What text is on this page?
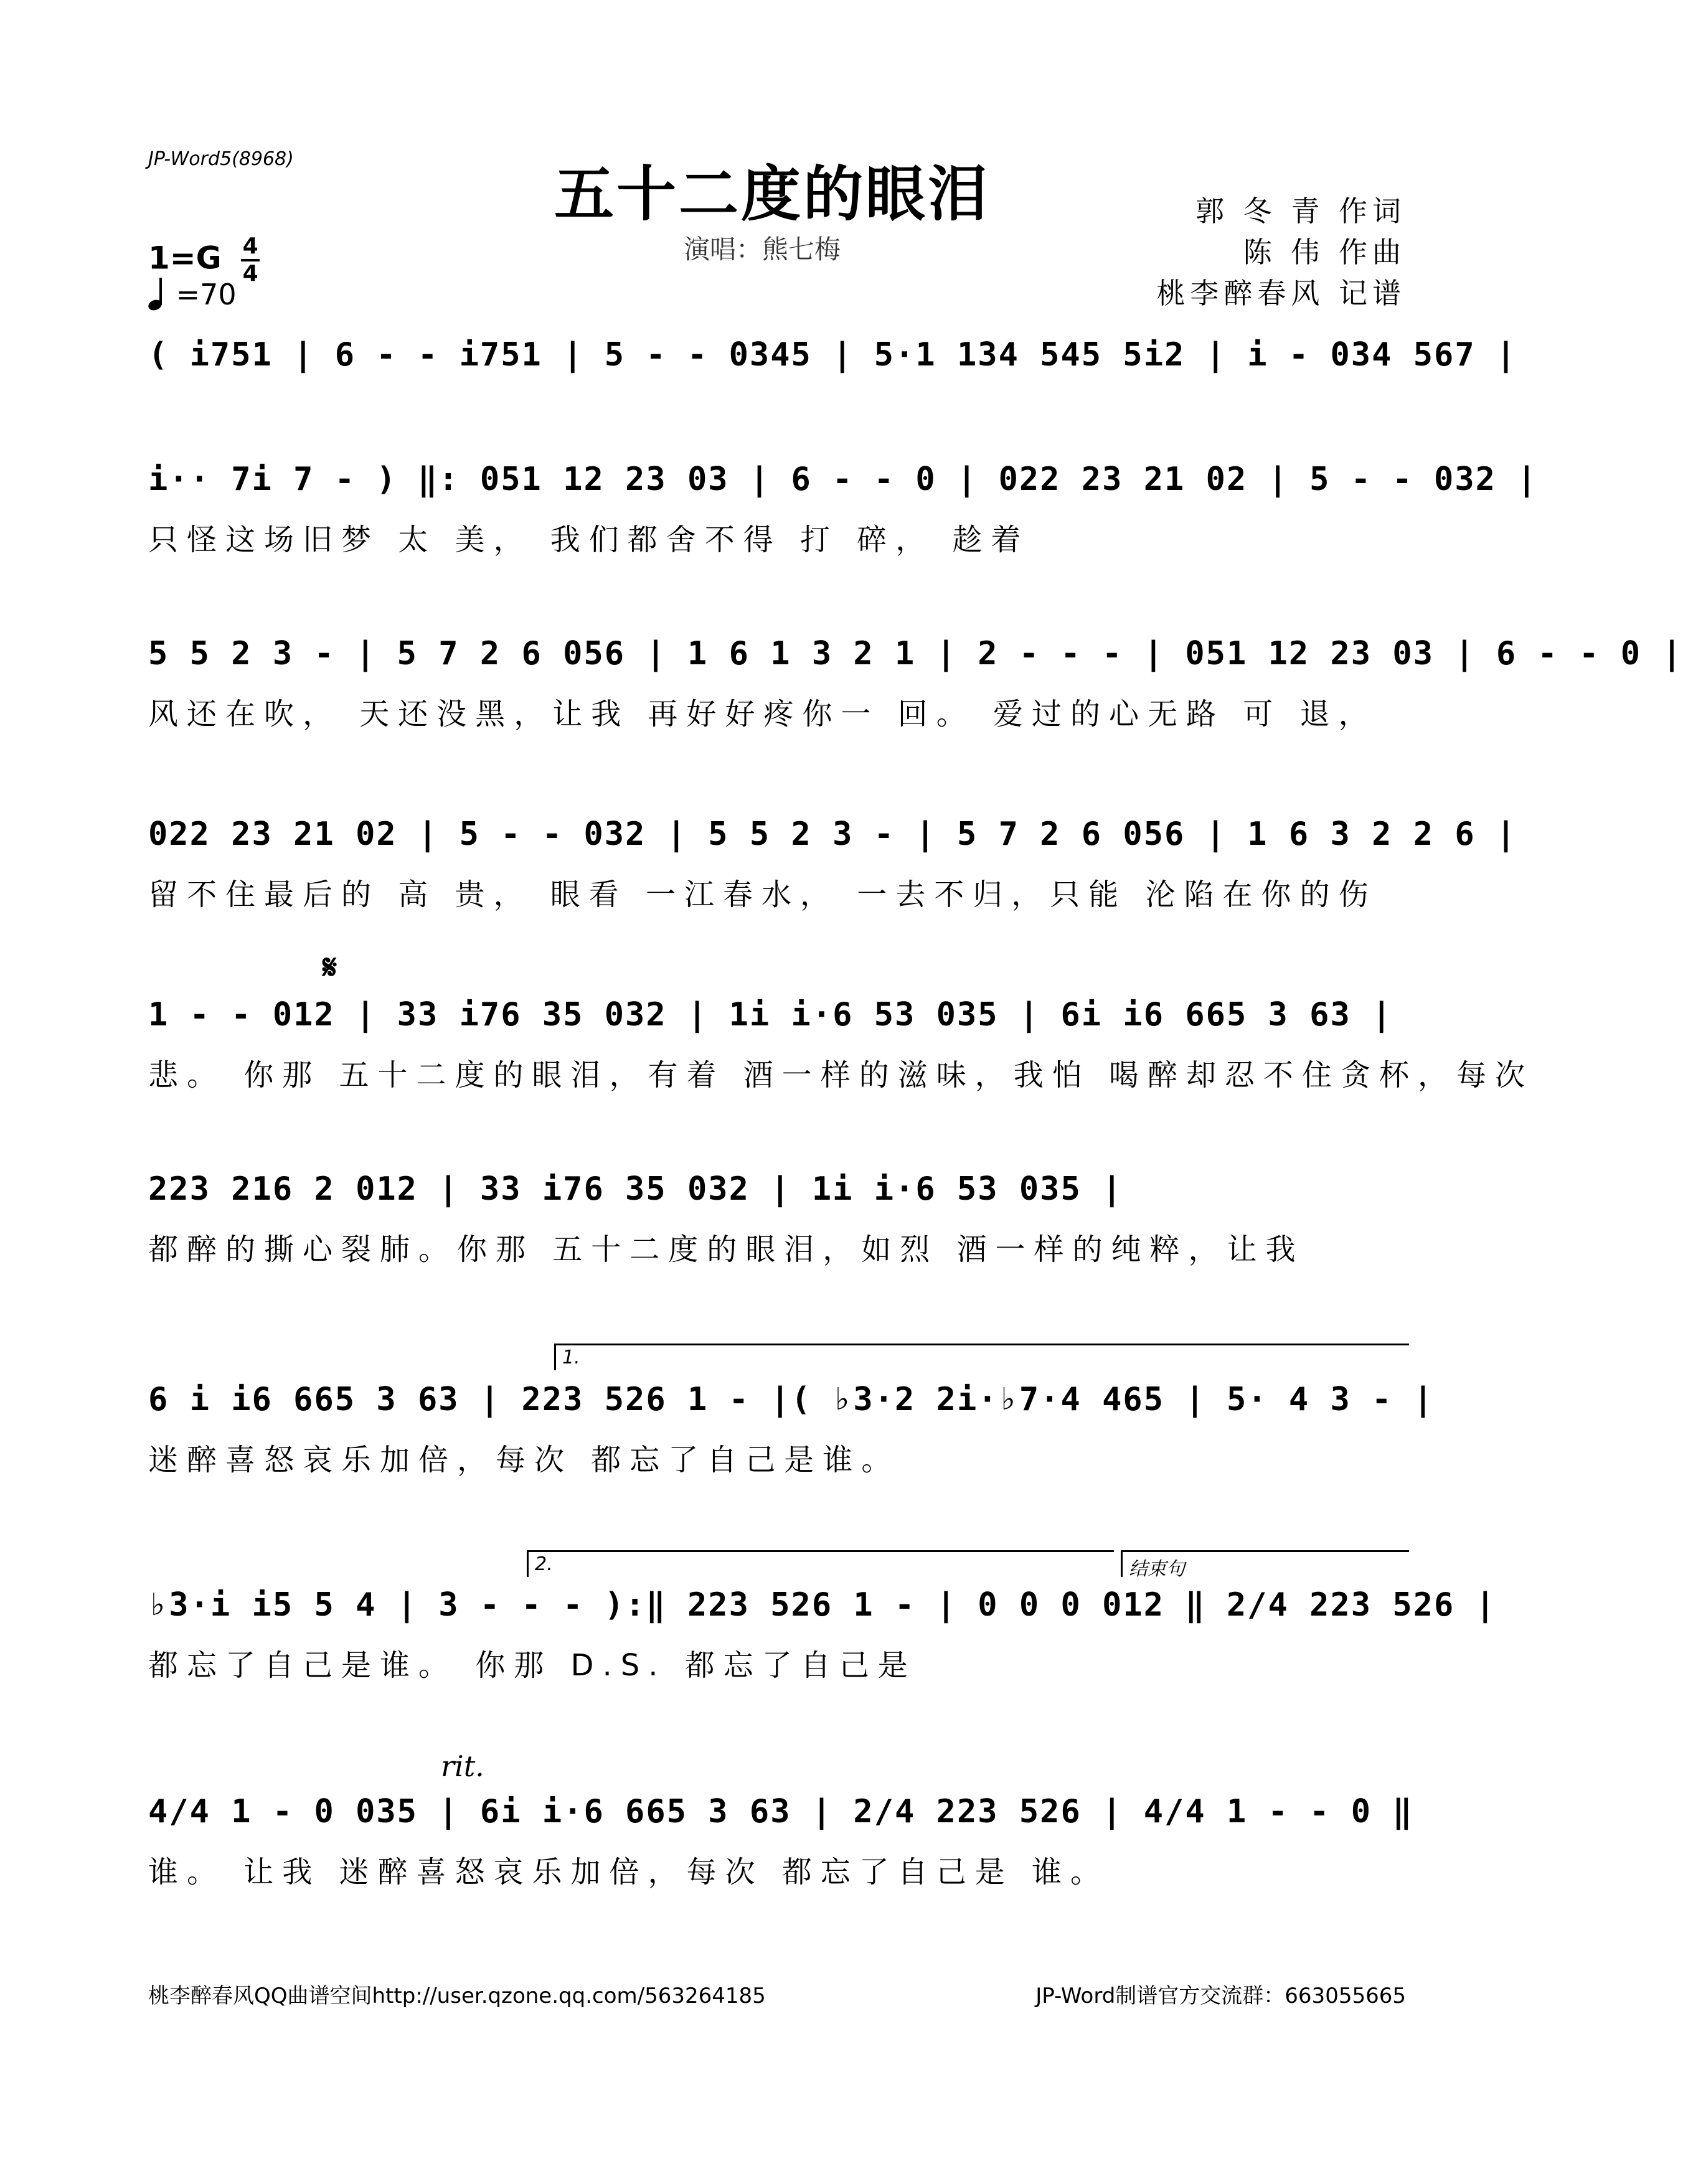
JP-Word5(8968)
五十二度的眼泪
演唱：熊七梅
郭 冬 青 作词
陈 伟 作曲
桃李醉春风 记谱
$1=G \frac{4}{4}$
=70
( i751 | 6 - - i751 | 5 - - 0345 | 5·1 134 545 5i2 | i - 034 567 |
i·· 7i 7 - ) ‖: 051 12 23 03 | 6 - - 0 | 022 23 21 02 | 5 - - 032 |
只怪这场旧梦 太 美， 我们都舍不得 打 碎， 趁着
5 5 2 3 - | 5 7 2 6 056 | 1 6 1 3 2 1 | 2 - - - | 051 12 23 03 | 6 - - 0 |
风还在吹， 天还没黑，让我 再好好疼你一 回。 爱过的心无路 可 退，
022 23 21 02 | 5 - - 032 | 5 5 2 3 - | 5 7 2 6 056 | 1 6 3 2 2 6 |
留不住最后的 高 贵， 眼看 一江春水， 一去不归，只能 沦陷在你的伤
𝄋
1 - - 012 | 33 i76 35 032 | 1i i·6 53 035 | 6i i6 665 3 63 |
悲。 你那 五十二度的眼泪，有着 酒一样的滋味，我怕 喝醉却忍不住贪杯，每次
223 216 2 012 | 33 i76 35 032 | 1i i·6 53 035 |
都醉的撕心裂肺。你那 五十二度的眼泪，如烈 酒一样的纯粹，让我
1.
6 i i6 665 3 63 | 223 526 1 - |( ♭3·2 2i·♭7·4 465 | 5· 4 3 - |
迷醉喜怒哀乐加倍，每次 都忘了自己是谁。
2.	结束句
♭3·i i5 5 4 | 3 - - - ):‖ 223 526 1 - | 0 0 0 012 ‖ 2/4 223 526 |
都忘了自己是谁。 你那 D.S. 都忘了自己是
rit.
4/4 1 - 0 035 | 6i i·6 665 3 63 | 2/4 223 526 | 4/4 1 - - 0 ‖
谁。 让我 迷醉喜怒哀乐加倍，每次 都忘了自己是 谁。
桃李醉春风QQ曲谱空间http://user.qzone.qq.com/563264185	JP-Word制谱官方交流群：663055665
